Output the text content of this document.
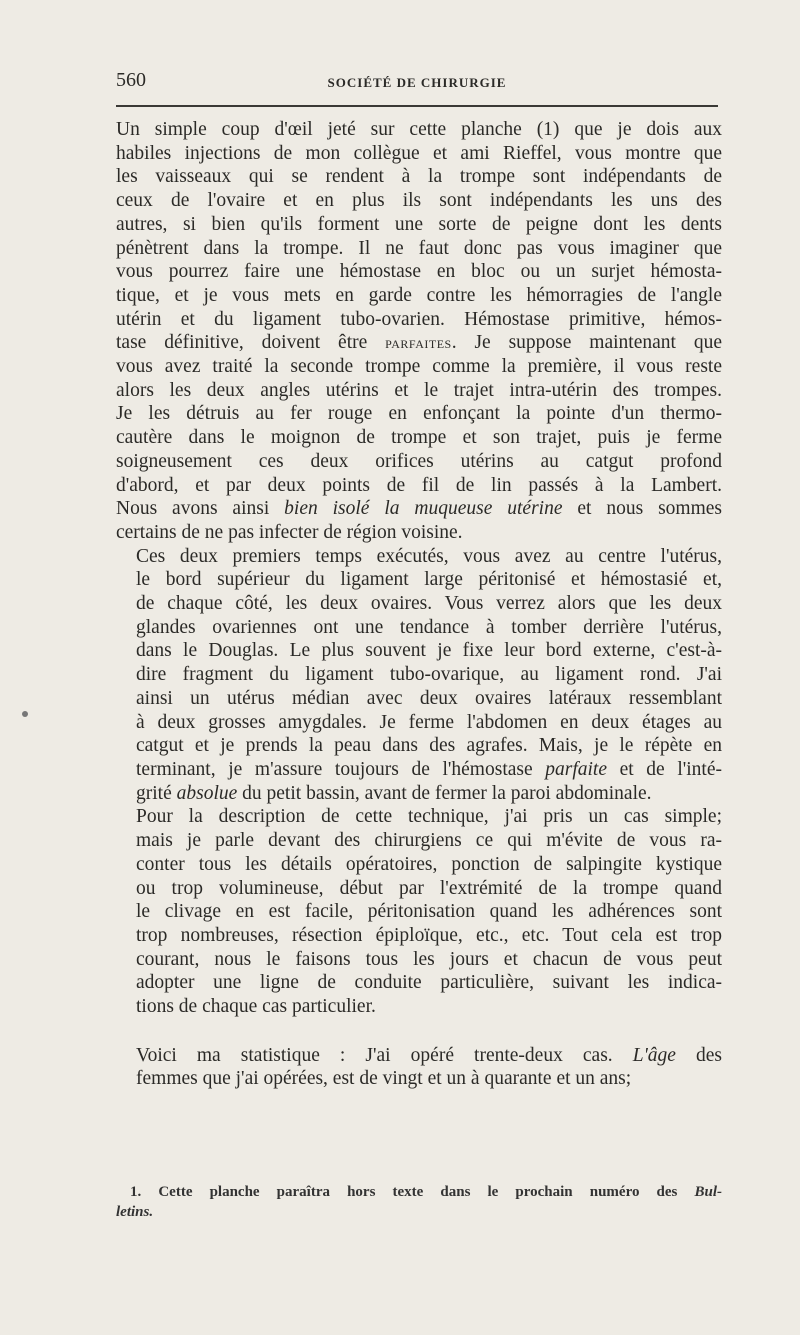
560	SOCIÉTÉ DE CHIRURGIE

Un simple coup d'œil jeté sur cette planche (1) que je dois aux
habiles injections de mon collègue et ami Rieffel, vous montre que
les vaisseaux qui se rendent à la trompe sont indépendants de
ceux de l'ovaire et en plus ils sont indépendants les uns des
autres, si bien qu'ils forment une sorte de peigne dont les dents
pénètrent dans la trompe. Il ne faut donc pas vous imaginer que
vous pourrez faire une hémostase en bloc ou un surjet hémosta-
tique, et je vous mets en garde contre les hémorragies de l'angle
utérin et du ligament tubo-ovarien. Hémostase primitive, hémos-
tase définitive, doivent être parfaites. Je suppose maintenant que
vous avez traité la seconde trompe comme la première, il vous reste
alors les deux angles utérins et le trajet intra-utérin des trompes.
Je les détruis au fer rouge en enfonçant la pointe d'un thermo-
cautère dans le moignon de trompe et son trajet, puis je ferme
soigneusement ces deux orifices utérins au catgut profond
d'abord, et par deux points de fil de lin passés à la Lambert.
Nous avons ainsi bien isolé la muqueuse utérine et nous sommes
certains de ne pas infecter de région voisine.

Ces deux premiers temps exécutés, vous avez au centre l'utérus,
le bord supérieur du ligament large péritonisé et hémostasié et,
de chaque côté, les deux ovaires. Vous verrez alors que les deux
glandes ovariennes ont une tendance à tomber derrière l'utérus,
dans le Douglas. Le plus souvent je fixe leur bord externe, c'est-à-
dire fragment du ligament tubo-ovarique, au ligament rond. J'ai
ainsi un utérus médian avec deux ovaires latéraux ressemblant
à deux grosses amygdales. Je ferme l'abdomen en deux étages au
catgut et je prends la peau dans des agrafes. Mais, je le répète en
terminant, je m'assure toujours de l'hémostase parfaite et de l'inté-
grité absolue du petit bassin, avant de fermer la paroi abdominale.

Pour la description de cette technique, j'ai pris un cas simple;
mais je parle devant des chirurgiens ce qui m'évite de vous ra-
conter tous les détails opératoires, ponction de salpingite kystique
ou trop volumineuse, début par l'extrémité de la trompe quand
le clivage en est facile, péritonisation quand les adhérences sont
trop nombreuses, résection épiploïque, etc., etc. Tout cela est trop
courant, nous le faisons tous les jours et chacun de vous peut
adopter une ligne de conduite particulière, suivant les indica-
tions de chaque cas particulier.

Voici ma statistique : J'ai opéré trente-deux cas. L'âge des
femmes que j'ai opérées, est de vingt et un à quarante et un ans;

1. Cette planche paraîtra hors texte dans le prochain numéro des Bul-
letins.
